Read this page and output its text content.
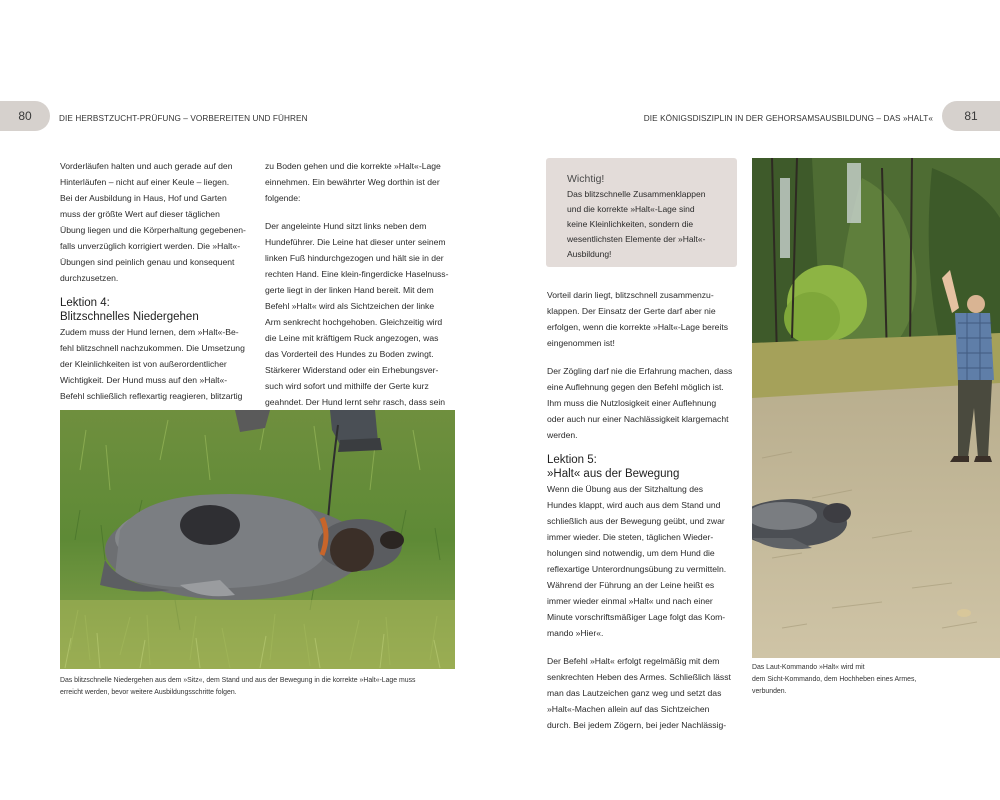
80	81
DIE HERBSTZUCHT-PRÜFUNG – VORBEREITEN UND FÜHREN	DIE KÖNIGSDISZIPLIN IN DER GEHORSAMSAUSBILDUNG – DAS »HALT«

Vorderläufen halten und auch gerade auf den

Hinterläufen – nicht auf einer Keule – liegen.

Bei der Ausbildung in Haus, Hof und Garten

muss der größte Wert auf dieser täglichen

Übung liegen und die Körperhaltung gegebenen-

falls unverzüglich korrigiert werden. Die »Halt«-

Übungen sind peinlich genau und konsequent

durchzusetzen.

Lektion 4:
Blitzschnelles Niedergehen

Zudem muss der Hund lernen, dem »Halt«-Be-

fehl blitzschnell nachzukommen. Die Umsetzung

der Kleinlichkeiten ist von außerordentlicher

Wichtigkeit. Der Hund muss auf den »Halt«-

Befehl schließlich reflexartig reagieren, blitzartig

zu Boden gehen und die korrekte »Halt«-Lage

einnehmen. Ein bewährter Weg dorthin ist der

folgende:

Der angeleinte Hund sitzt links neben dem

Hundeführer. Die Leine hat dieser unter seinem

linken Fuß hindurchgezogen und hält sie in der

rechten Hand. Eine klein-fingerdicke Haselnuss-

gerte liegt in der linken Hand bereit. Mit dem

Befehl »Halt« wird als Sichtzeichen der linke

Arm senkrecht hochgehoben. Gleichzeitig wird

die Leine mit kräftigem Ruck angezogen, was

das Vorderteil des Hundes zu Boden zwingt.

Stärkerer Widerstand oder ein Erhebungsver-

such wird sofort und mithilfe der Gerte kurz

geahndet. Der Hund lernt sehr rasch, dass sein

Das blitzschnelle Niedergehen aus dem »Sitz«, dem Stand und aus der Bewegung in die korrekte »Halt«-Lage muss
erreicht werden, bevor weitere Ausbildungsschritte folgen.
Wichtig!
Das blitzschnelle Zusammenklappen
und die korrekte »Halt«-Lage sind
keine Kleinlichkeiten, sondern die
wesentlichsten Elemente der »Halt«-
Ausbildung!

Vorteil darin liegt, blitzschnell zusammenzu-

klappen. Der Einsatz der Gerte darf aber nie

erfolgen, wenn die korrekte »Halt«-Lage bereits

eingenommen ist!

Der Zögling darf nie die Erfahrung machen, dass

eine Auflehnung gegen den Befehl möglich ist.

Ihm muss die Nutzlosigkeit einer Auflehnung

oder auch nur einer Nachlässigkeit klargemacht

werden.

Lektion 5:
»Halt« aus der Bewegung

Wenn die Übung aus der Sitzhaltung des

Hundes klappt, wird auch aus dem Stand und

schließlich aus der Bewegung geübt, und zwar

immer wieder. Die steten, täglichen Wieder-

holungen sind notwendig, um dem Hund die

reflexartige Unterordnungsübung zu vermitteln.

Während der Führung an der Leine heißt es

immer wieder einmal »Halt« und nach einer

Minute vorschriftsmäßiger Lage folgt das Kom-

mando »Hier«.

Der Befehl »Halt« erfolgt regelmäßig mit dem

senkrechten Heben des Armes. Schließlich lässt

man das Lautzeichen ganz weg und setzt das

»Halt«-Machen allein auf das Sichtzeichen

durch. Bei jedem Zögern, bei jeder Nachlässig-

Das Laut-Kommando »Halt« wird mit
dem Sicht-Kommando, dem Hochheben eines Armes,
verbunden.
